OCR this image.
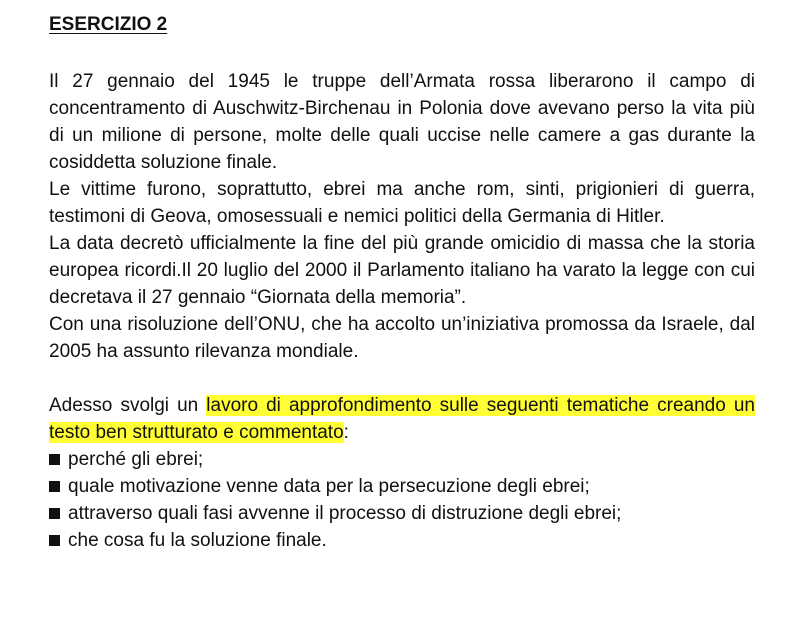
ESERCIZIO 2

Il 27 gennaio del 1945 le truppe dell’Armata rossa liberarono il campo di concentramento di Auschwitz-Birchenau in Polonia dove avevano perso la vita più di un milione di persone, molte delle quali uccise nelle camere a gas durante la cosiddetta soluzione finale.

Le vittime furono, soprattutto, ebrei ma anche rom, sinti, prigionieri di guerra, testimoni di Geova, omosessuali e nemici politici della Germania di Hitler.

La data decretò ufficialmente la fine del più grande omicidio di massa che la storia europea ricordi.Il 20 luglio del 2000 il Parlamento italiano ha varato la legge con cui decretava il 27 gennaio “Giornata della memoria”.

Con una risoluzione dell’ONU, che ha accolto un’iniziativa promossa da Israele, dal 2005 ha assunto rilevanza mondiale.

Adesso svolgi un lavoro di approfondimento sulle seguenti tematiche creando un testo ben strutturato e commentato:

perché gli ebrei;
quale motivazione venne data per la persecuzione degli ebrei;
attraverso quali fasi avvenne il processo di distruzione degli ebrei;
che cosa fu la soluzione finale.
